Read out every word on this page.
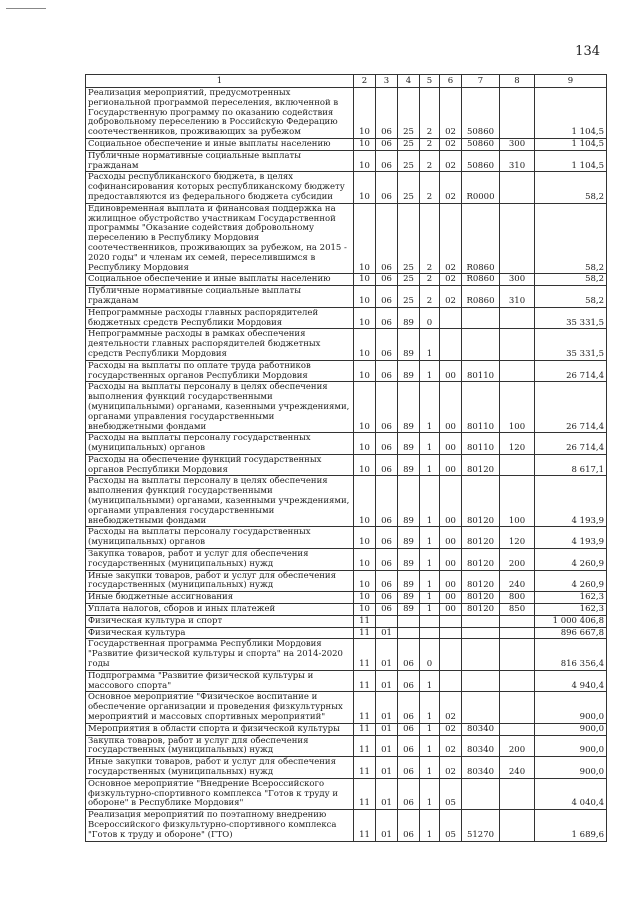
134
1	2	3	4	5	6	7	8	9
Реализация мероприятий, предусмотренных региональной программой переселения, включенной в Государственную программу по оказанию содействия добровольному переселению в Российскую Федерацию соотечественников, проживающих за рубежом	10	06	25	2	02	50860		1 104,5
Социальное обеспечение и иные выплаты населению	10	06	25	2	02	50860	300	1 104,5
Публичные нормативные социальные выплаты гражданам	10	06	25	2	02	50860	310	1 104,5
Расходы республиканского бюджета, в целях софинансирования которых республиканскому бюджету предоставляются из федерального бюджета субсидии	10	06	25	2	02	R0000		58,2
Единовременная выплата и финансовая поддержка на жилищное обустройство участникам Государственной программы "Оказание содействия добровольному переселению в Республику Мордовия соотечественников, проживающих за рубежом, на 2015 - 2020 годы" и членам их семей, переселившимся в Республику Мордовия	10	06	25	2	02	R0860		58,2
Социальное обеспечение и иные выплаты населению	10	06	25	2	02	R0860	300	58,2
Публичные нормативные социальные выплаты гражданам	10	06	25	2	02	R0860	310	58,2
Непрограммные расходы главных распорядителей бюджетных средств Республики Мордовия	10	06	89	0				35 331,5
Непрограммные расходы в рамках обеспечения деятельности главных распорядителей бюджетных средств Республики Мордовия	10	06	89	1				35 331,5
Расходы на выплаты по оплате труда работников государственных органов Республики Мордовия	10	06	89	1	00	80110		26 714,4
Расходы на выплаты персоналу в целях обеспечения выполнения функций государственными (муниципальными) органами, казенными учреждениями, органами управления государственными внебюджетными фондами	10	06	89	1	00	80110	100	26 714,4
Расходы на выплаты персоналу государственных (муниципальных) органов	10	06	89	1	00	80110	120	26 714,4
Расходы на обеспечение функций государственных органов Республики Мордовия	10	06	89	1	00	80120		8 617,1
Расходы на выплаты персоналу в целях обеспечения выполнения функций государственными (муниципальными) органами, казенными учреждениями, органами управления государственными внебюджетными фондами	10	06	89	1	00	80120	100	4 193,9
Расходы на выплаты персоналу государственных (муниципальных) органов	10	06	89	1	00	80120	120	4 193,9
Закупка товаров, работ и услуг для обеспечения государственных (муниципальных) нужд	10	06	89	1	00	80120	200	4 260,9
Иные закупки товаров, работ и услуг для обеспечения государственных (муниципальных) нужд	10	06	89	1	00	80120	240	4 260,9
Иные бюджетные ассигнования	10	06	89	1	00	80120	800	162,3
Уплата налогов, сборов и иных платежей	10	06	89	1	00	80120	850	162,3
Физическая культура и спорт	11							1 000 406,8
Физическая культура	11	01						896 667,8
Государственная программа Республики Мордовия "Развитие физической культуры и спорта" на 2014-2020 годы	11	01	06	0				816 356,4
Подпрограмма "Развитие физической культуры и массового спорта"	11	01	06	1				4 940,4
Основное мероприятие "Физическое воспитание и обеспечение организации и проведения физкультурных мероприятий и массовых спортивных мероприятий"	11	01	06	1	02			900,0
Мероприятия в области спорта и физической культуры	11	01	06	1	02	80340		900,0
Закупка товаров, работ и услуг для обеспечения государственных (муниципальных) нужд	11	01	06	1	02	80340	200	900,0
Иные закупки товаров, работ и услуг для обеспечения государственных (муниципальных) нужд	11	01	06	1	02	80340	240	900,0
Основное мероприятие "Внедрение Всероссийского физкультурно-спортивного комплекса "Готов к труду и обороне" в Республике Мордовия"	11	01	06	1	05			4 040,4
Реализация мероприятий по поэтапному внедрению Всероссийского физкультурно-спортивного комплекса "Готов к труду и обороне" (ГТО)	11	01	06	1	05	51270		1 689,6
